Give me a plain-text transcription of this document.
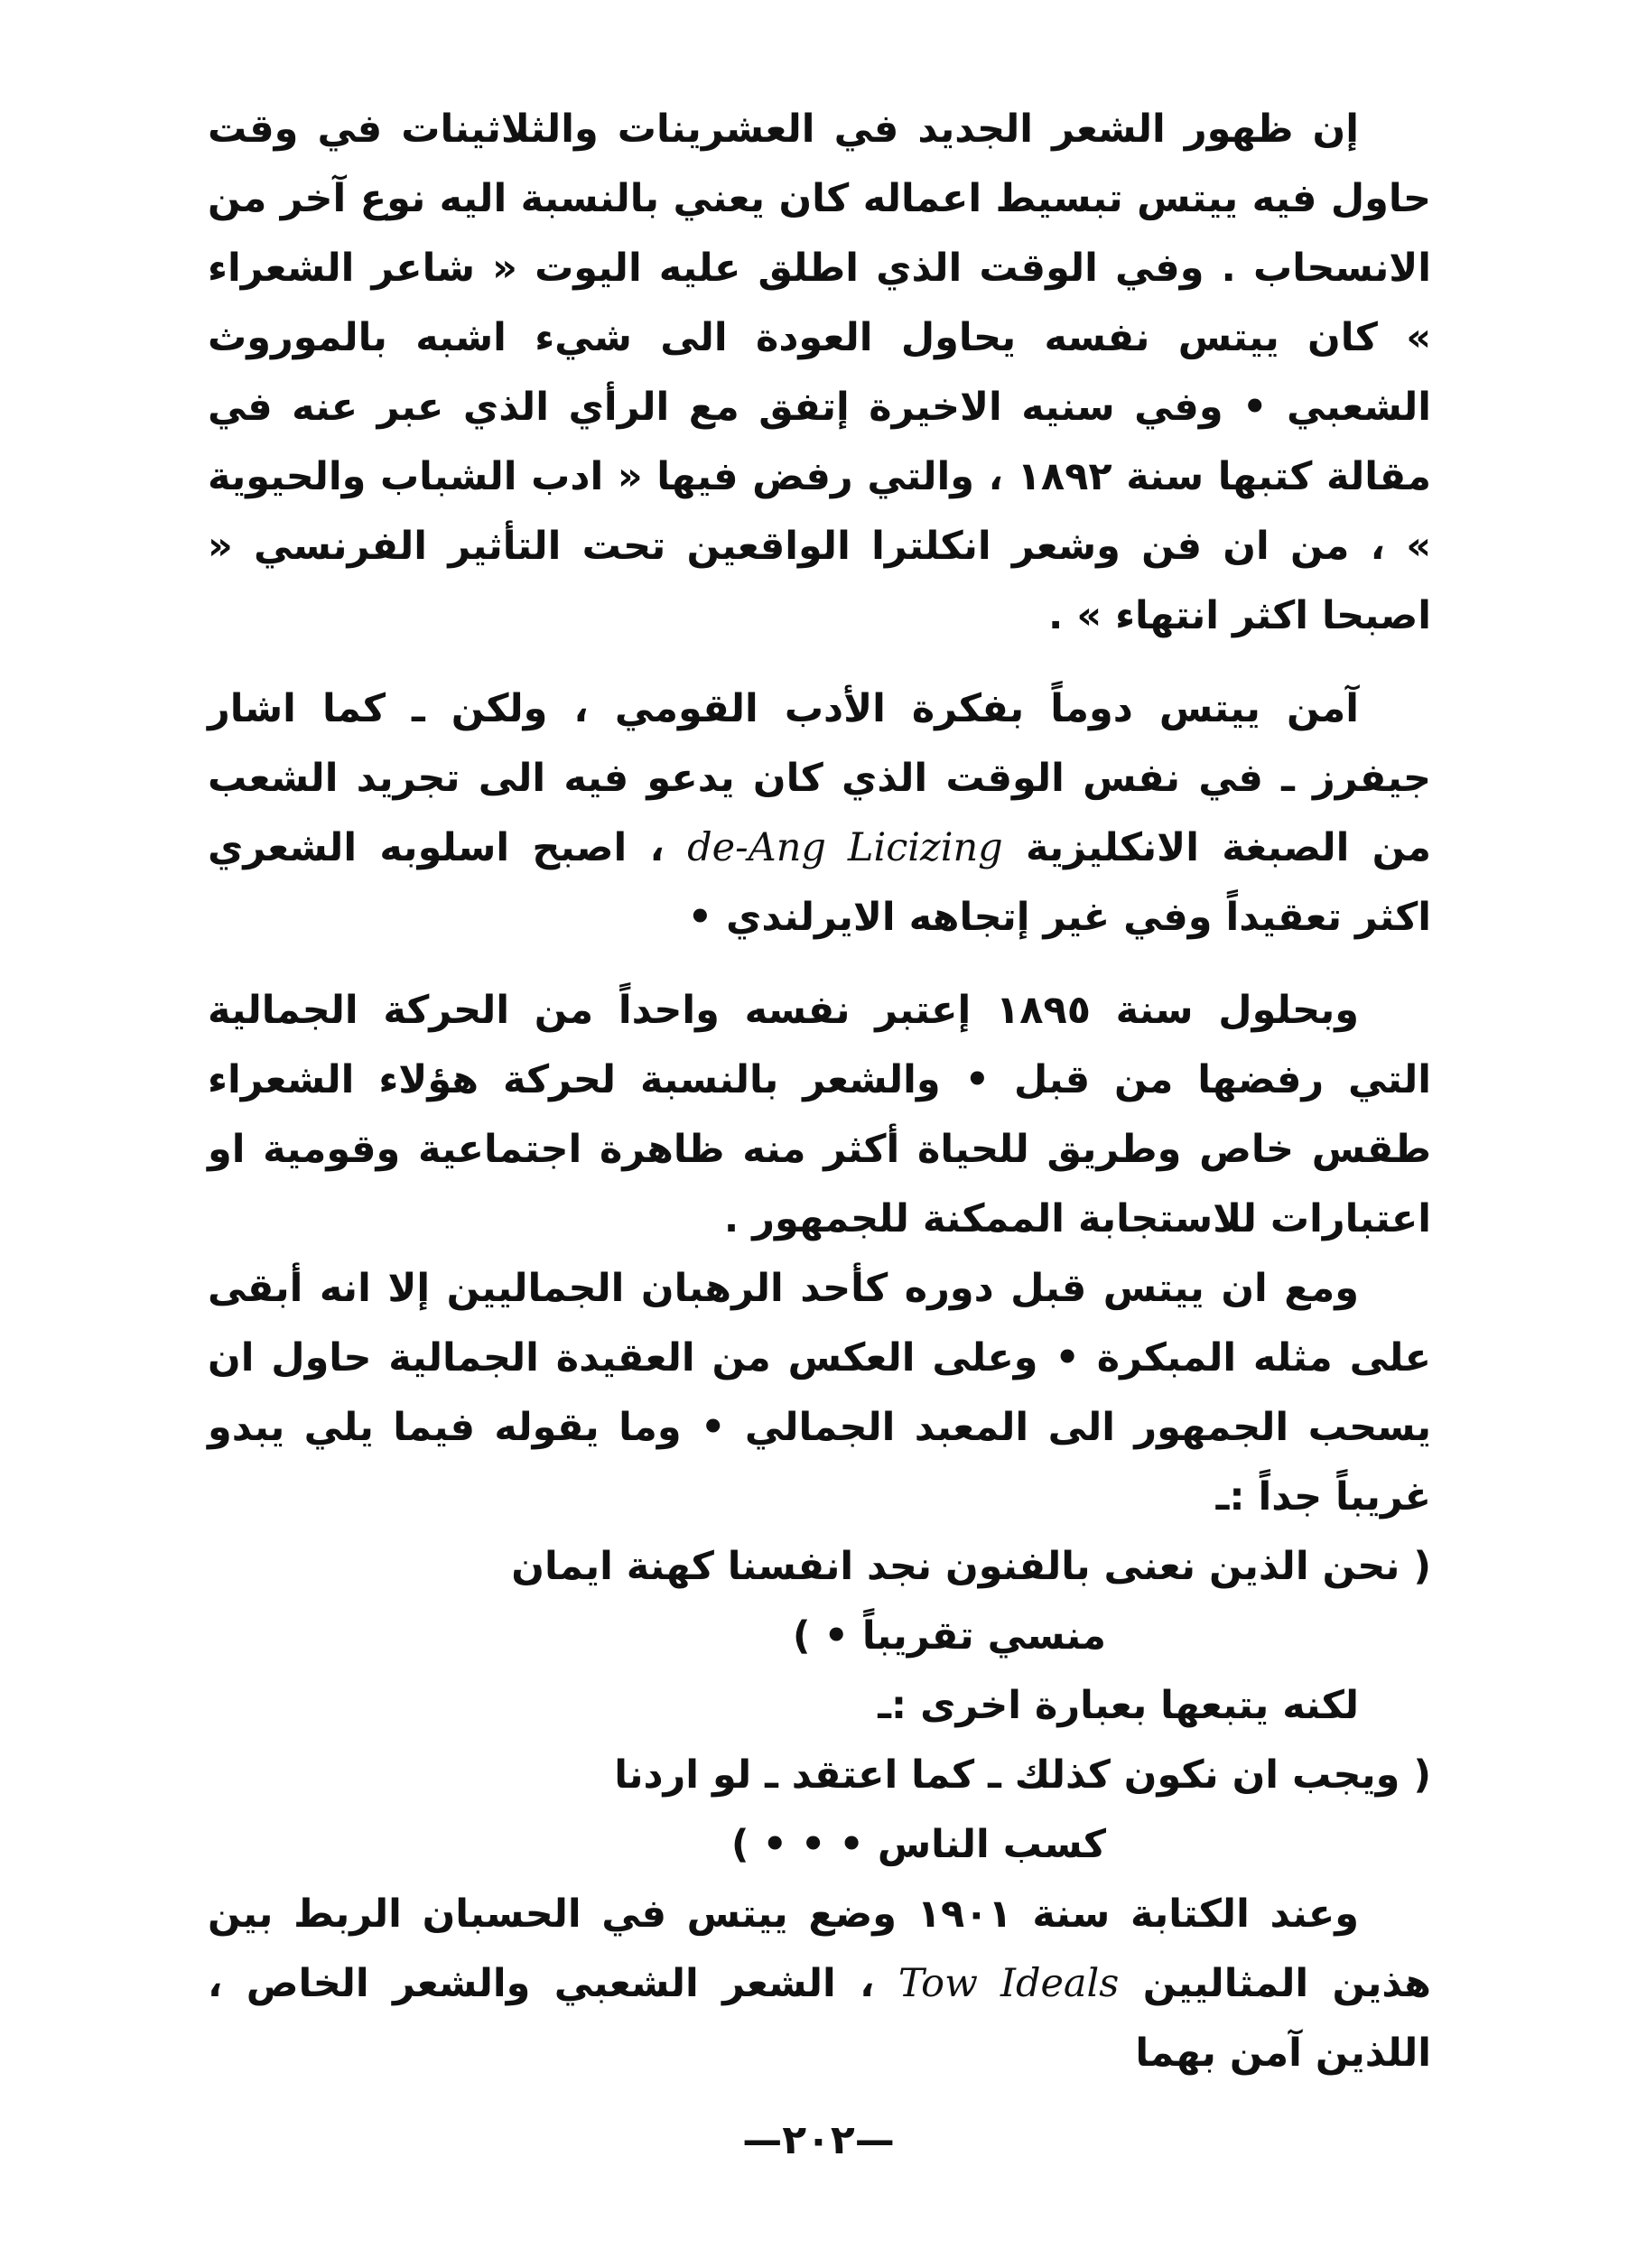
إن ظهور الشعر الجديد في العشرينات والثلاثينات في وقت حاول فيه ييتس تبسيط اعماله كان يعني بالنسبة اليه نوع آخر من الانسحاب . وفي الوقت الذي اطلق عليه اليوت « شاعر الشعراء » كان ييتس نفسه يحاول العودة الى شيء اشبه بالموروث الشعبي • وفي سنيه الاخيرة إتفق مع الرأي الذي عبر عنه في مقالة كتبها سنة ١٨٩٢ ، والتي رفض فيها « ادب الشباب والحيوية » ، من ان فن وشعر انكلترا الواقعين تحت التأثير الفرنسي « اصبحا اكثر انتهاء » .

آمن ييتس دوماً بفكرة الأدب القومي ، ولكن ـ كما اشار جيفرز ـ في نفس الوقت الذي كان يدعو فيه الى تجريد الشعب من الصبغة الانكليزية de-Ang Licizing ، اصبح اسلوبه الشعري اكثر تعقيداً وفي غير إتجاهه الايرلندي •

وبحلول سنة ١٨٩٥ إعتبر نفسه واحداً من الحركة الجمالية التي رفضها من قبل • والشعر بالنسبة لحركة هؤلاء الشعراء طقس خاص وطريق للحياة أكثر منه ظاهرة اجتماعية وقومية او اعتبارات للاستجابة الممكنة للجمهور .

ومع ان ييتس قبل دوره كأحد الرهبان الجماليين إلا انه أبقى على مثله المبكرة • وعلى العكس من العقيدة الجمالية حاول ان يسحب الجمهور الى المعبد الجمالي • وما يقوله فيما يلي يبدو غريباً جداً :ـ

( نحن الذين نعنى بالفنون نجد انفسنا كهنة ايمان

منسي تقريباً • )

لكنه يتبعها بعبارة اخرى :ـ

( ويجب ان نكون كذلك ـ كما اعتقد ـ لو اردنا

كسب الناس • • • )

وعند الكتابة سنة ١٩٠١ وضع ييتس في الحسبان الربط بين هذين المثاليين Tow Ideals ، الشعر الشعبي والشعر الخاص ، اللذين آمن بهما

—٢٠٢—
